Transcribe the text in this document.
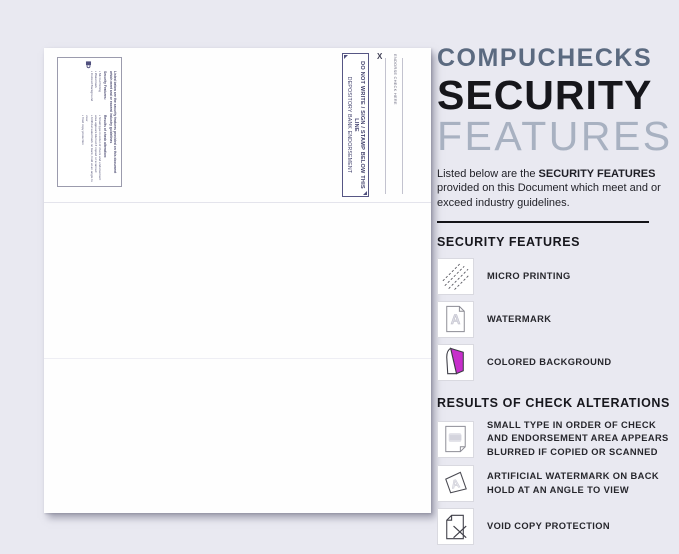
Listed below are the security features provided on this document which meet and or exceed industry guidelines
Security Features:
• Micro-Printing
• Watermark
• Colored Background
Results of check alteration:
• Small type in order of check and endorsement area appears blurred if copied or scanned
• Artificial watermark on back, hold at an angle to view
• Void copy protection	DO NOT WRITE / SIGN / STAMP BELOW THIS LINE
DEPOSITORY BANK ENDORSEMENT
X	ENDORSE CHECK HERE COMPUCHECKS
SECURITY
FEATURES

Listed below are the SECURITY FEATURES provided on this Document which meet and or exceed industry guidelines.

SECURITY FEATURES
MICRO PRINTING
A	WATERMARK
COLORED BACKGROUND
RESULTS OF CHECK ALTERATIONS
SMALL TYPE IN ORDER OF CHECK AND ENDORSEMENT AREA APPEARS BLURRED IF COPIED OR SCANNED
A
ARTIFICIAL WATERMARK ON BACK HOLD AT AN ANGLE TO VIEW
VOID COPY PROTECTION
